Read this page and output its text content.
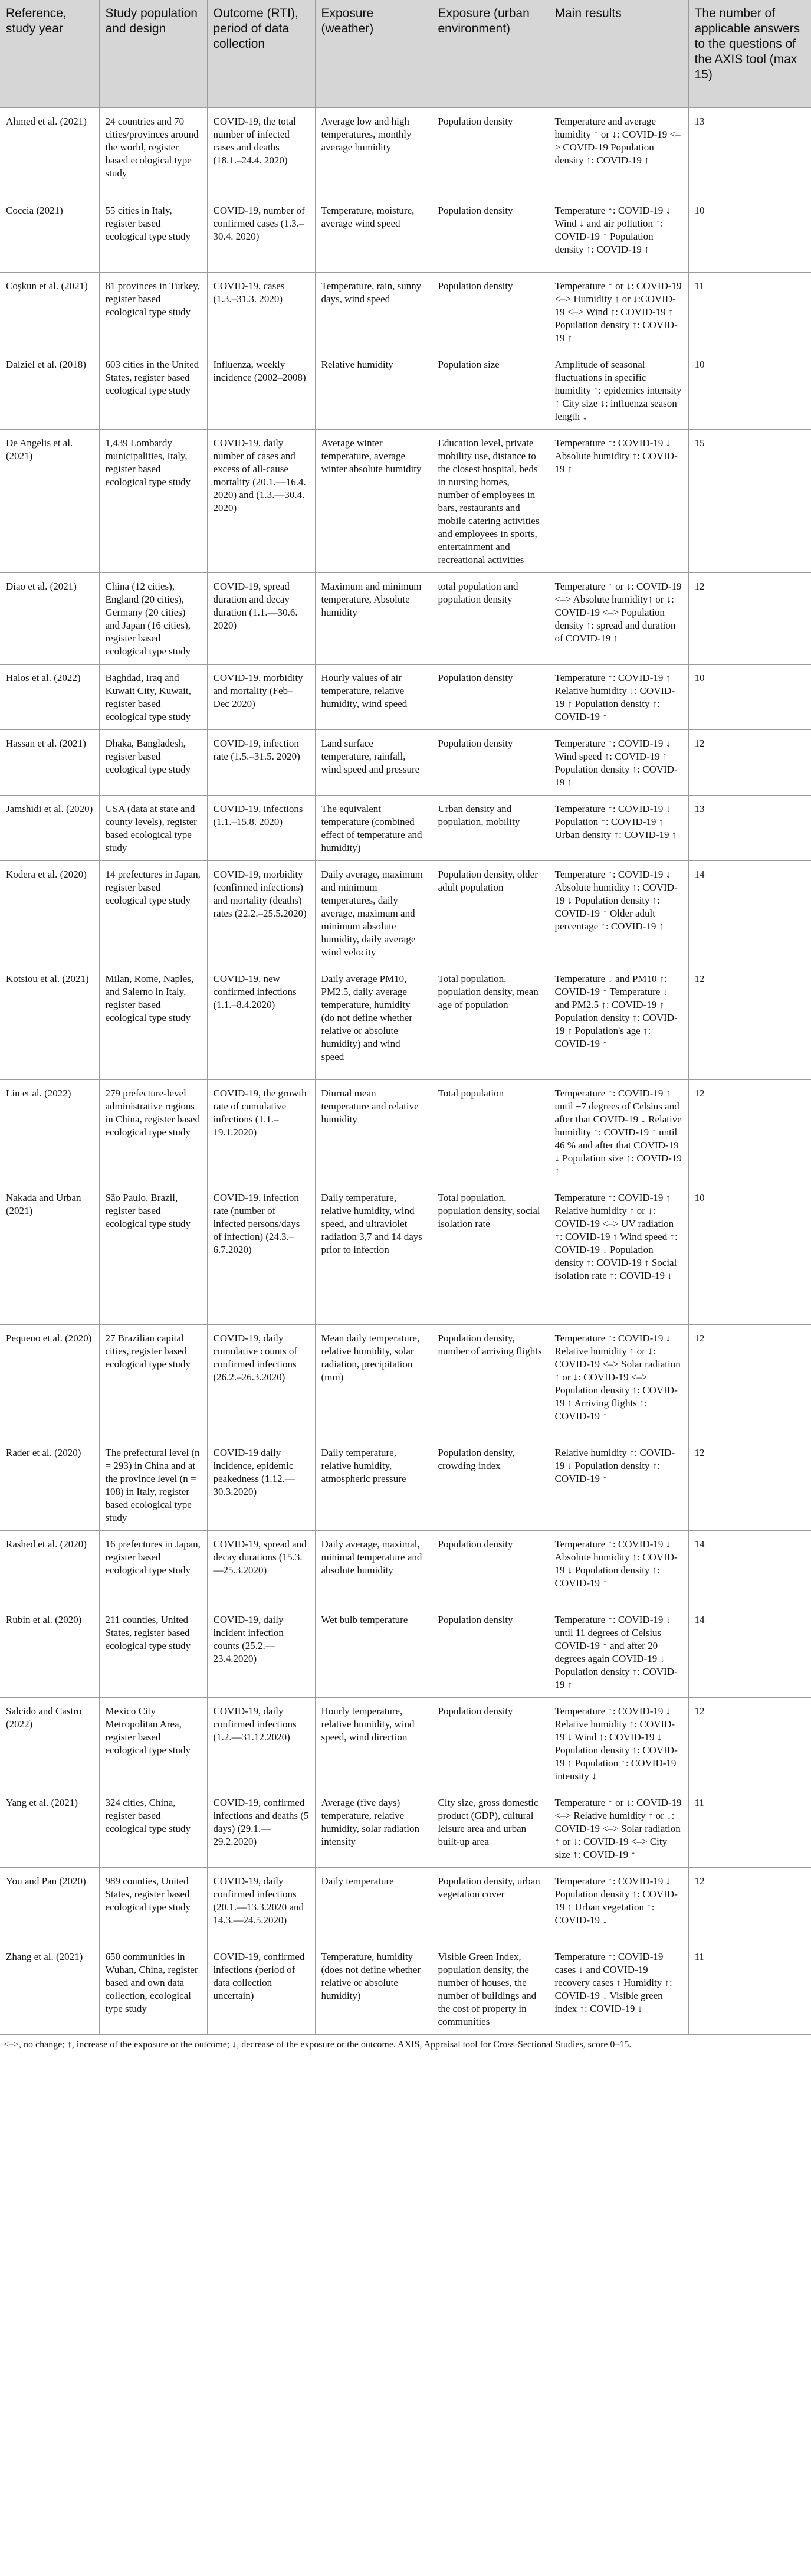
Reference, study year	Study population and design	Outcome (RTI), period of data collection	Exposure (weather)	Exposure (urban environment)	Main results	The number of applicable answers to the questions of the AXIS tool (max 15)
Ahmed et al. (2021)	24 countries and 70 cities/provinces around the world, register based ecological type study	COVID-19, the total number of infected cases and deaths (18.1.–24.4. 2020)	Average low and high temperatures, monthly average humidity	Population density	Temperature and average humidity ↑ or ↓: COVID-19 <–> COVID-19 Population density ↑: COVID-19 ↑	13
Coccia (2021)	55 cities in Italy, register based ecological type study	COVID-19, number of confirmed cases (1.3.–30.4. 2020)	Temperature, moisture, average wind speed	Population density	Temperature ↑: COVID-19 ↓ Wind ↓ and air pollution ↑: COVID-19 ↑ Population density ↑: COVID-19 ↑	10
Coşkun et al. (2021)	81 provinces in Turkey, register based ecological type study	COVID-19, cases (1.3.–31.3. 2020)	Temperature, rain, sunny days, wind speed	Population density	Temperature ↑ or ↓: COVID-19 <–> Humidity ↑ or ↓:COVID-19 <–> Wind ↑: COVID-19 ↑ Population density ↑: COVID-19 ↑	11
Dalziel et al. (2018)	603 cities in the United States, register based ecological type study	Influenza, weekly incidence (2002–2008)	Relative humidity	Population size	Amplitude of seasonal fluctuations in specific humidity ↑: epidemics intensity ↑ City size ↓: influenza season length ↓	10
De Angelis et al. (2021)	1,439 Lombardy municipalities, Italy, register based ecological type study	COVID-19, daily number of cases and excess of all-cause mortality (20.1.—16.4. 2020) and (1.3.—30.4. 2020)	Average winter temperature, average winter absolute humidity	Education level, private mobility use, distance to the closest hospital, beds in nursing homes, number of employees in bars, restaurants and mobile catering activities and employees in sports, entertainment and recreational activities	Temperature ↑: COVID-19 ↓ Absolute humidity ↑: COVID-19 ↑	15
Diao et al. (2021)	China (12 cities), England (20 cities), Germany (20 cities) and Japan (16 cities), register based ecological type study	COVID-19, spread duration and decay duration (1.1.—30.6. 2020)	Maximum and minimum temperature, Absolute humidity	total population and population density	Temperature ↑ or ↓: COVID-19 <–> Absolute humidity↑ or ↓: COVID-19 <–> Population density ↑: spread and duration of COVID-19 ↑	12
Halos et al. (2022)	Baghdad, Iraq and Kuwait City, Kuwait, register based ecological type study	COVID-19, morbidity and mortality (Feb–Dec 2020)	Hourly values of air temperature, relative humidity, wind speed	Population density	Temperature ↑: COVID-19 ↑ Relative humidity ↓: COVID-19 ↑ Population density ↑: COVID-19 ↑	10
Hassan et al. (2021)	Dhaka, Bangladesh, register based ecological type study	COVID-19, infection rate (1.5.–31.5. 2020)	Land surface temperature, rainfall, wind speed and pressure	Population density	Temperature ↑: COVID-19 ↓ Wind speed ↑: COVID-19 ↑ Population density ↑: COVID-19 ↑	12
Jamshidi et al. (2020)	USA (data at state and county levels), register based ecological type study	COVID-19, infections (1.1.–15.8. 2020)	The equivalent temperature (combined effect of temperature and humidity)	Urban density and population, mobility	Temperature ↑: COVID-19 ↓ Population ↑: COVID-19 ↑ Urban density ↑: COVID-19 ↑	13
Kodera et al. (2020)	14 prefectures in Japan, register based ecological type study	COVID-19, morbidity (confirmed infections) and mortality (deaths) rates (22.2.–25.5.2020)	Daily average, maximum and minimum temperatures, daily average, maximum and minimum absolute humidity, daily average wind velocity	Population density, older adult population	Temperature ↑: COVID-19 ↓ Absolute humidity ↑: COVID-19 ↓ Population density ↑: COVID-19 ↑ Older adult percentage ↑: COVID-19 ↑	14
Kotsiou et al. (2021)	Milan, Rome, Naples, and Salerno in Italy, register based ecological type study	COVID-19, new confirmed infections (1.1.–8.4.2020)	Daily average PM10, PM2.5, daily average temperature, humidity (do not define whether relative or absolute humidity) and wind speed	Total population, population density, mean age of population	Temperature ↓ and PM10 ↑: COVID-19 ↑ Temperature ↓ and PM2.5 ↑: COVID-19 ↑ Population density ↑: COVID-19 ↑ Population's age ↑: COVID-19 ↑	12
Lin et al. (2022)	279 prefecture-level administrative regions in China, register based ecological type study	COVID-19, the growth rate of cumulative infections (1.1.–19.1.2020)	Diurnal mean temperature and relative humidity	Total population	Temperature ↑: COVID-19 ↑ until −7 degrees of Celsius and after that COVID-19 ↓ Relative humidity ↑: COVID-19 ↑ until 46 % and after that COVID-19 ↓ Population size ↑: COVID-19 ↑	12
Nakada and Urban (2021)	São Paulo, Brazil, register based ecological type study	COVID-19, infection rate (number of infected persons/days of infection) (24.3.–6.7.2020)	Daily temperature, relative humidity, wind speed, and ultraviolet radiation 3,7 and 14 days prior to infection	Total population, population density, social isolation rate	Temperature ↑: COVID-19 ↑ Relative humidity ↑ or ↓: COVID-19 <–> UV radiation ↑: COVID-19 ↑ Wind speed ↑: COVID-19 ↓ Population density ↑: COVID-19 ↑ Social isolation rate ↑: COVID-19 ↓	10
Pequeno et al. (2020)	27 Brazilian capital cities, register based ecological type study	COVID-19, daily cumulative counts of confirmed infections (26.2.–26.3.2020)	Mean daily temperature, relative humidity, solar radiation, precipitation (mm)	Population density, number of arriving flights	Temperature ↑: COVID-19 ↓ Relative humidity ↑ or ↓: COVID-19 <–> Solar radiation ↑ or ↓: COVID-19 <–> Population density ↑: COVID-19 ↑ Arriving flights ↑: COVID-19 ↑	12
Rader et al. (2020)	The prefectural level (n = 293) in China and at the province level (n = 108) in Italy, register based ecological type study	COVID-19 daily incidence, epidemic peakedness (1.12.—30.3.2020)	Daily temperature, relative humidity, atmospheric pressure	Population density, crowding index	Relative humidity ↑: COVID-19 ↓ Population density ↑: COVID-19 ↑	12
Rashed et al. (2020)	16 prefectures in Japan, register based ecological type study	COVID-19, spread and decay durations (15.3.—25.3.2020)	Daily average, maximal, minimal temperature and absolute humidity	Population density	Temperature ↑: COVID-19 ↓ Absolute humidity ↑: COVID-19 ↓ Population density ↑: COVID-19 ↑	14
Rubin et al. (2020)	211 counties, United States, register based ecological type study	COVID-19, daily incident infection counts (25.2.—23.4.2020)	Wet bulb temperature	Population density	Temperature ↑: COVID-19 ↓ until 11 degrees of Celsius COVID-19 ↑ and after 20 degrees again COVID-19 ↓ Population density ↑: COVID-19 ↑	14
Salcido and Castro (2022)	Mexico City Metropolitan Area, register based ecological type study	COVID-19, daily confirmed infections (1.2.—31.12.2020)	Hourly temperature, relative humidity, wind speed, wind direction	Population density	Temperature ↑: COVID-19 ↓ Relative humidity ↑: COVID-19 ↓ Wind ↑: COVID-19 ↓ Population density ↑: COVID-19 ↑ Population ↑: COVID-19 intensity ↓	12
Yang et al. (2021)	324 cities, China, register based ecological type study	COVID-19, confirmed infections and deaths (5 days) (29.1.—29.2.2020)	Average (five days) temperature, relative humidity, solar radiation intensity	City size, gross domestic product (GDP), cultural leisure area and urban built-up area	Temperature ↑ or ↓: COVID-19 <–> Relative humidity ↑ or ↓: COVID-19 <–> Solar radiation ↑ or ↓: COVID-19 <–> City size ↑: COVID-19 ↑	11
You and Pan (2020)	989 counties, United States, register based ecological type study	COVID-19, daily confirmed infections (20.1.—13.3.2020 and 14.3.—24.5.2020)	Daily temperature	Population density, urban vegetation cover	Temperature ↑: COVID-19 ↓ Population density ↑: COVID-19 ↑ Urban vegetation ↑: COVID-19 ↓	12
Zhang et al. (2021)	650 communities in Wuhan, China, register based and own data collection, ecological type study	COVID-19, confirmed infections (period of data collection uncertain)	Temperature, humidity (does not define whether relative or absolute humidity)	Visible Green Index, population density, the number of houses, the number of buildings and the cost of property in communities	Temperature ↑: COVID-19 cases ↓ and COVID-19 recovery cases ↑ Humidity ↑: COVID-19 ↓ Visible green index ↑: COVID-19 ↓	11
<–>, no change; ↑, increase of the exposure or the outcome; ↓, decrease of the exposure or the outcome. AXIS, Appraisal tool for Cross-Sectional Studies, score 0–15.
